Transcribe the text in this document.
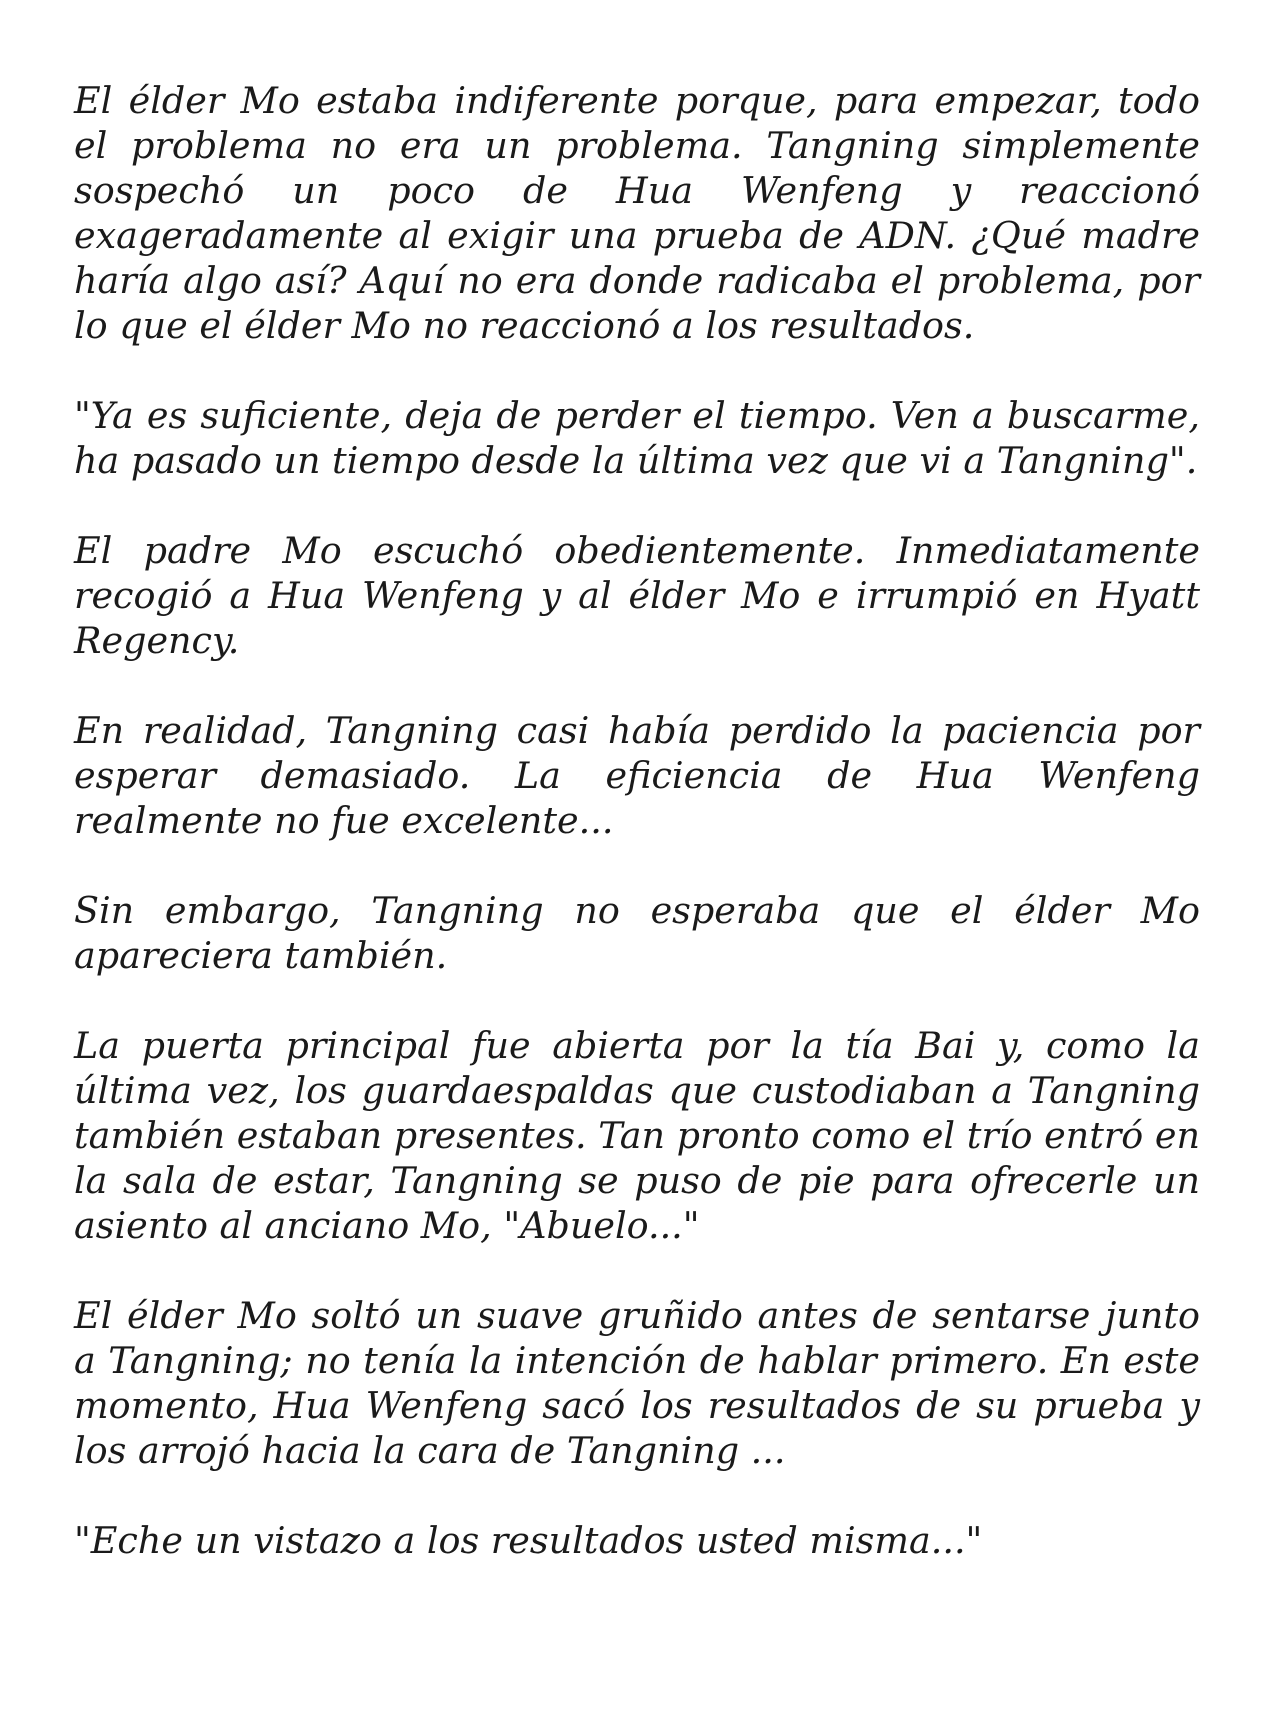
El élder Mo estaba indiferente porque, para empezar, todo el problema no era un problema. Tangning simplemente sospechó un poco de Hua Wenfeng y reaccionó exageradamente al exigir una prueba de ADN. ¿Qué madre haría algo así? Aquí no era donde radicaba el problema, por lo que el élder Mo no reaccionó a los resultados.

"Ya es suficiente, deja de perder el tiempo. Ven a buscarme, ha pasado un tiempo desde la última vez que vi a Tangning".

El padre Mo escuchó obedientemente. Inmediatamente recogió a Hua Wenfeng y al élder Mo e irrumpió en Hyatt Regency.

En realidad, Tangning casi había perdido la paciencia por esperar demasiado. La eficiencia de Hua Wenfeng realmente no fue excelente...

Sin embargo, Tangning no esperaba que el élder Mo apareciera también.

La puerta principal fue abierta por la tía Bai y, como la última vez, los guardaespaldas que custodiaban a Tangning también estaban presentes. Tan pronto como el trío entró en la sala de estar, Tangning se puso de pie para ofrecerle un asiento al anciano Mo, "Abuelo..."

El élder Mo soltó un suave gruñido antes de sentarse junto a Tangning; no tenía la intención de hablar primero. En este momento, Hua Wenfeng sacó los resultados de su prueba y los arrojó hacia la cara de Tangning ...

"Eche un vistazo a los resultados usted misma..."
